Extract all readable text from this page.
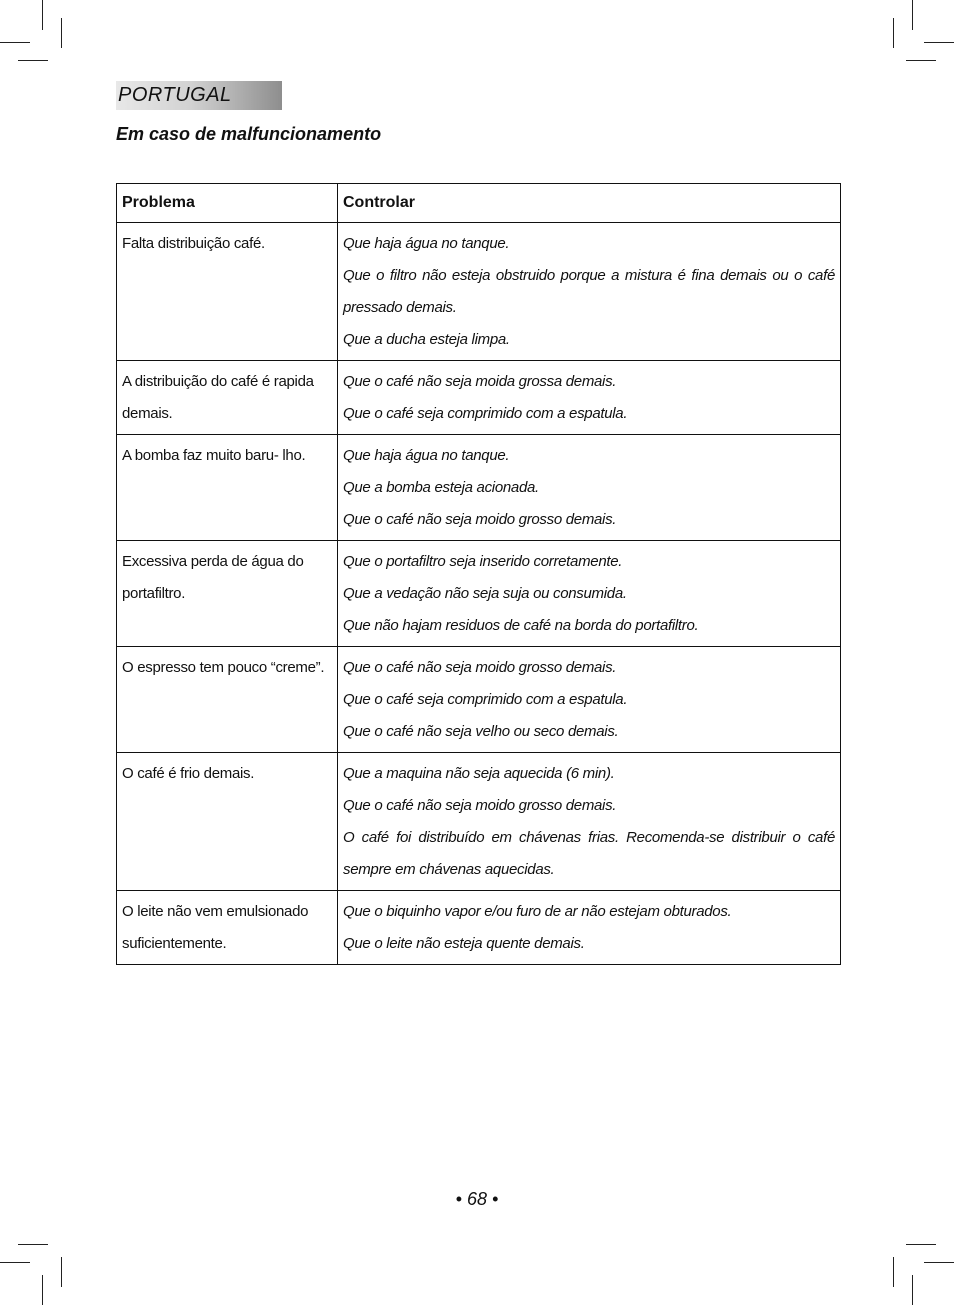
PORTUGAL
Em caso de malfuncionamento
Problema	Controlar
Falta distribuição café.	Que haja água no tanque.
Que o filtro não esteja obstruido porque a mistura é fina demais ou o café pressado demais.
Que a ducha esteja limpa.

A distribuição do café é rapida demais.	Que o café não seja moida grossa demais.
Que o café seja comprimido com a espatula.

A bomba faz muito baru- lho.	Que haja água no tanque.
Que a bomba esteja acionada.
Que o café não seja moido grosso demais.

Excessiva perda de água do portafiltro.	Que o portafiltro seja inserido corretamente.
Que a vedação não seja suja ou consumida.
Que não hajam residuos de café na borda do portafiltro.

O espresso tem pouco “creme”.	Que o café não seja moido grosso demais.
Que o café seja comprimido com a espatula.
Que o café não seja velho ou seco demais.

O café é frio demais.	Que a maquina não seja aquecida (6 min).
Que o café não seja moido grosso demais.
O café foi distribuído em chávenas frias. Recomenda-se distribuir o café sempre em chávenas aquecidas.

O leite não vem emulsionado suficientemente.	Que o biquinho vapor e/ou furo de ar não estejam obturados.
Que o leite não esteja quente demais.
• 68 •
